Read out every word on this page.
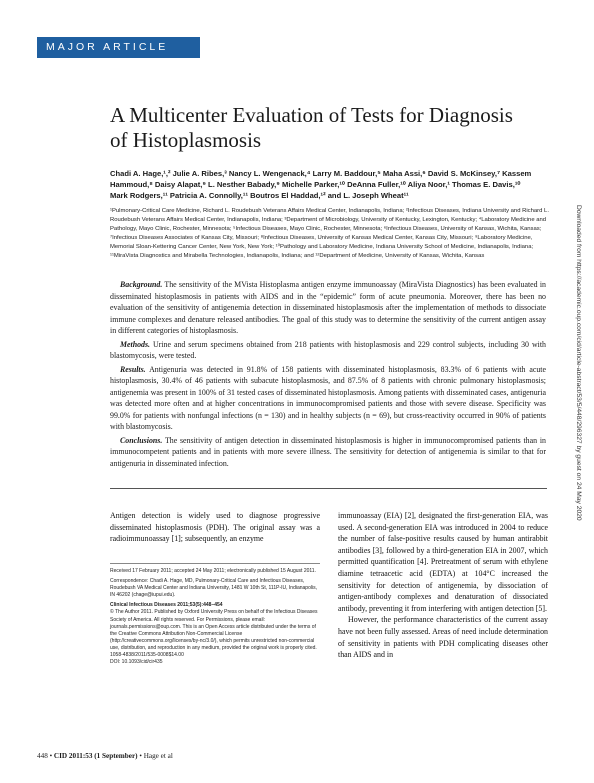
MAJOR ARTICLE
A Multicenter Evaluation of Tests for Diagnosis of Histoplasmosis
Chadi A. Hage,¹,² Julie A. Ribes,³ Nancy L. Wengenack,⁴ Larry M. Baddour,⁵ Maha Assi,⁶ David S. McKinsey,⁷ Kassem Hammoud,⁸ Daisy Alapat,⁹ L. Nesther Babady,⁹ Michelle Parker,¹⁰ DeAnna Fuller,¹⁰ Aliya Noor,¹ Thomas E. Davis,¹⁰ Mark Rodgers,¹¹ Patricia A. Connolly,¹¹ Boutros El Haddad,¹² and L. Joseph Wheat¹¹
¹Pulmonary-Critical Care Medicine, Richard L. Roudebush Veterans Affairs Medical Center, Indianapolis, Indiana; ²Infectious Diseases, Indiana University and Richard L. Roudebush Veterans Affairs Medical Center, Indianapolis, Indiana; ³Department of Microbiology, University of Kentucky, Lexington, Kentucky; ⁴Laboratory Medicine and Pathology, Mayo Clinic, Rochester, Minnesota; ⁵Infectious Diseases, Mayo Clinic, Rochester, Minnesota; ⁶Infectious Diseases, University of Kansas, Wichita, Kansas; ⁷Infectious Diseases Associates of Kansas City, Missouri; ⁸Infectious Diseases, University of Kansas Medical Center, Kansas City, Missouri; ⁹Laboratory Medicine, Memorial Sloan-Kettering Cancer Center, New York, New York; ¹⁰Pathology and Laboratory Medicine, Indiana University School of Medicine, Indianapolis, Indiana; ¹¹MiraVista Diagnostics and Mirabella Technologies, Indianapolis, Indiana; and ¹²Department of Medicine, University of Kansas, Wichita, Kansas

Background. The sensitivity of the MVista Histoplasma antigen enzyme immunoassay (MiraVista Diagnostics) has been evaluated in disseminated histoplasmosis in patients with AIDS and in the “epidemic” form of acute pneumonia. Moreover, there has been no evaluation of the sensitivity of antigenemia detection in disseminated histoplasmosis after the implementation of methods to dissociate immune complexes and denature released antibodies. The goal of this study was to determine the sensitivity of the current antigen assay in different categories of histoplasmosis.

Methods. Urine and serum specimens obtained from 218 patients with histoplasmosis and 229 control subjects, including 30 with blastomycosis, were tested.

Results. Antigenuria was detected in 91.8% of 158 patients with disseminated histoplasmosis, 83.3% of 6 patients with acute histoplasmosis, 30.4% of 46 patients with subacute histoplasmosis, and 87.5% of 8 patients with chronic pulmonary histoplasmosis; antigenemia was present in 100% of 31 tested cases of disseminated histoplasmosis. Among patients with disseminated cases, antigenuria was detected more often and at higher concentrations in immunocompromised patients and those with severe disease. Specificity was 99.0% for patients with nonfungal infections (n = 130) and in healthy subjects (n = 69), but cross-reactivity occurred in 90% of patients with blastomycosis.

Conclusions. The sensitivity of antigen detection in disseminated histoplasmosis is higher in immunocompromised patients than in immunocompetent patients and in patients with more severe illness. The sensitivity for detection of antigenemia is similar to that for antigenuria in disseminated infection.

Antigen detection is widely used to diagnose progressive disseminated histoplasmosis (PDH). The original assay was a radioimmunoassay [1]; subsequently, an enzyme

Received 17 February 2011; accepted 24 May 2011; electronically published 15 August 2011.

Correspondence: Chadi A. Hage, MD, Pulmonary-Critical Care and Infectious Diseases, Roudebush VA Medical Center and Indiana University, 1481 W 10th St, 111P-IU, Indianapolis, IN 46202 (chage@iupui.edu).

Clinical Infectious Diseases 2011;53(5):448–454

© The Author 2011. Published by Oxford University Press on behalf of the Infectious Diseases Society of America. All rights reserved. For Permissions, please email: journals.permissions@oup.com. This is an Open Access article distributed under the terms of the Creative Commons Attribution Non-Commercial License (http://creativecommons.org/licenses/by-nc/3.0/), which permits unrestricted non-commercial use, distribution, and reproduction in any medium, provided the original work is properly cited.

1058-4838/2011/535-0008$14.00

DOI: 10.1093/cid/cir435

immunoassay (EIA) [2], designated the first-generation EIA, was used. A second-generation EIA was introduced in 2004 to reduce the number of false-positive results caused by human antirabbit antibodies [3], followed by a third-generation EIA in 2007, which permitted quantification [4]. Pretreatment of serum with ethylene diamine tetraacetic acid (EDTA) at 104°C increased the sensitivity for detection of antigenemia, by dissociation of antigen-antibody complexes and denaturation of dissociated antibody, preventing it from interfering with antigen detection [5].

However, the performance characteristics of the current assay have not been fully assessed. Areas of need include determination of sensitivity in patients with PDH complicating diseases other than AIDS and in

448 • CID 2011:53 (1 September) • Hage et al
Downloaded from https://academic.oup.com/cid/article-abstract/53/5/448/296327 by guest on 24 May 2020
